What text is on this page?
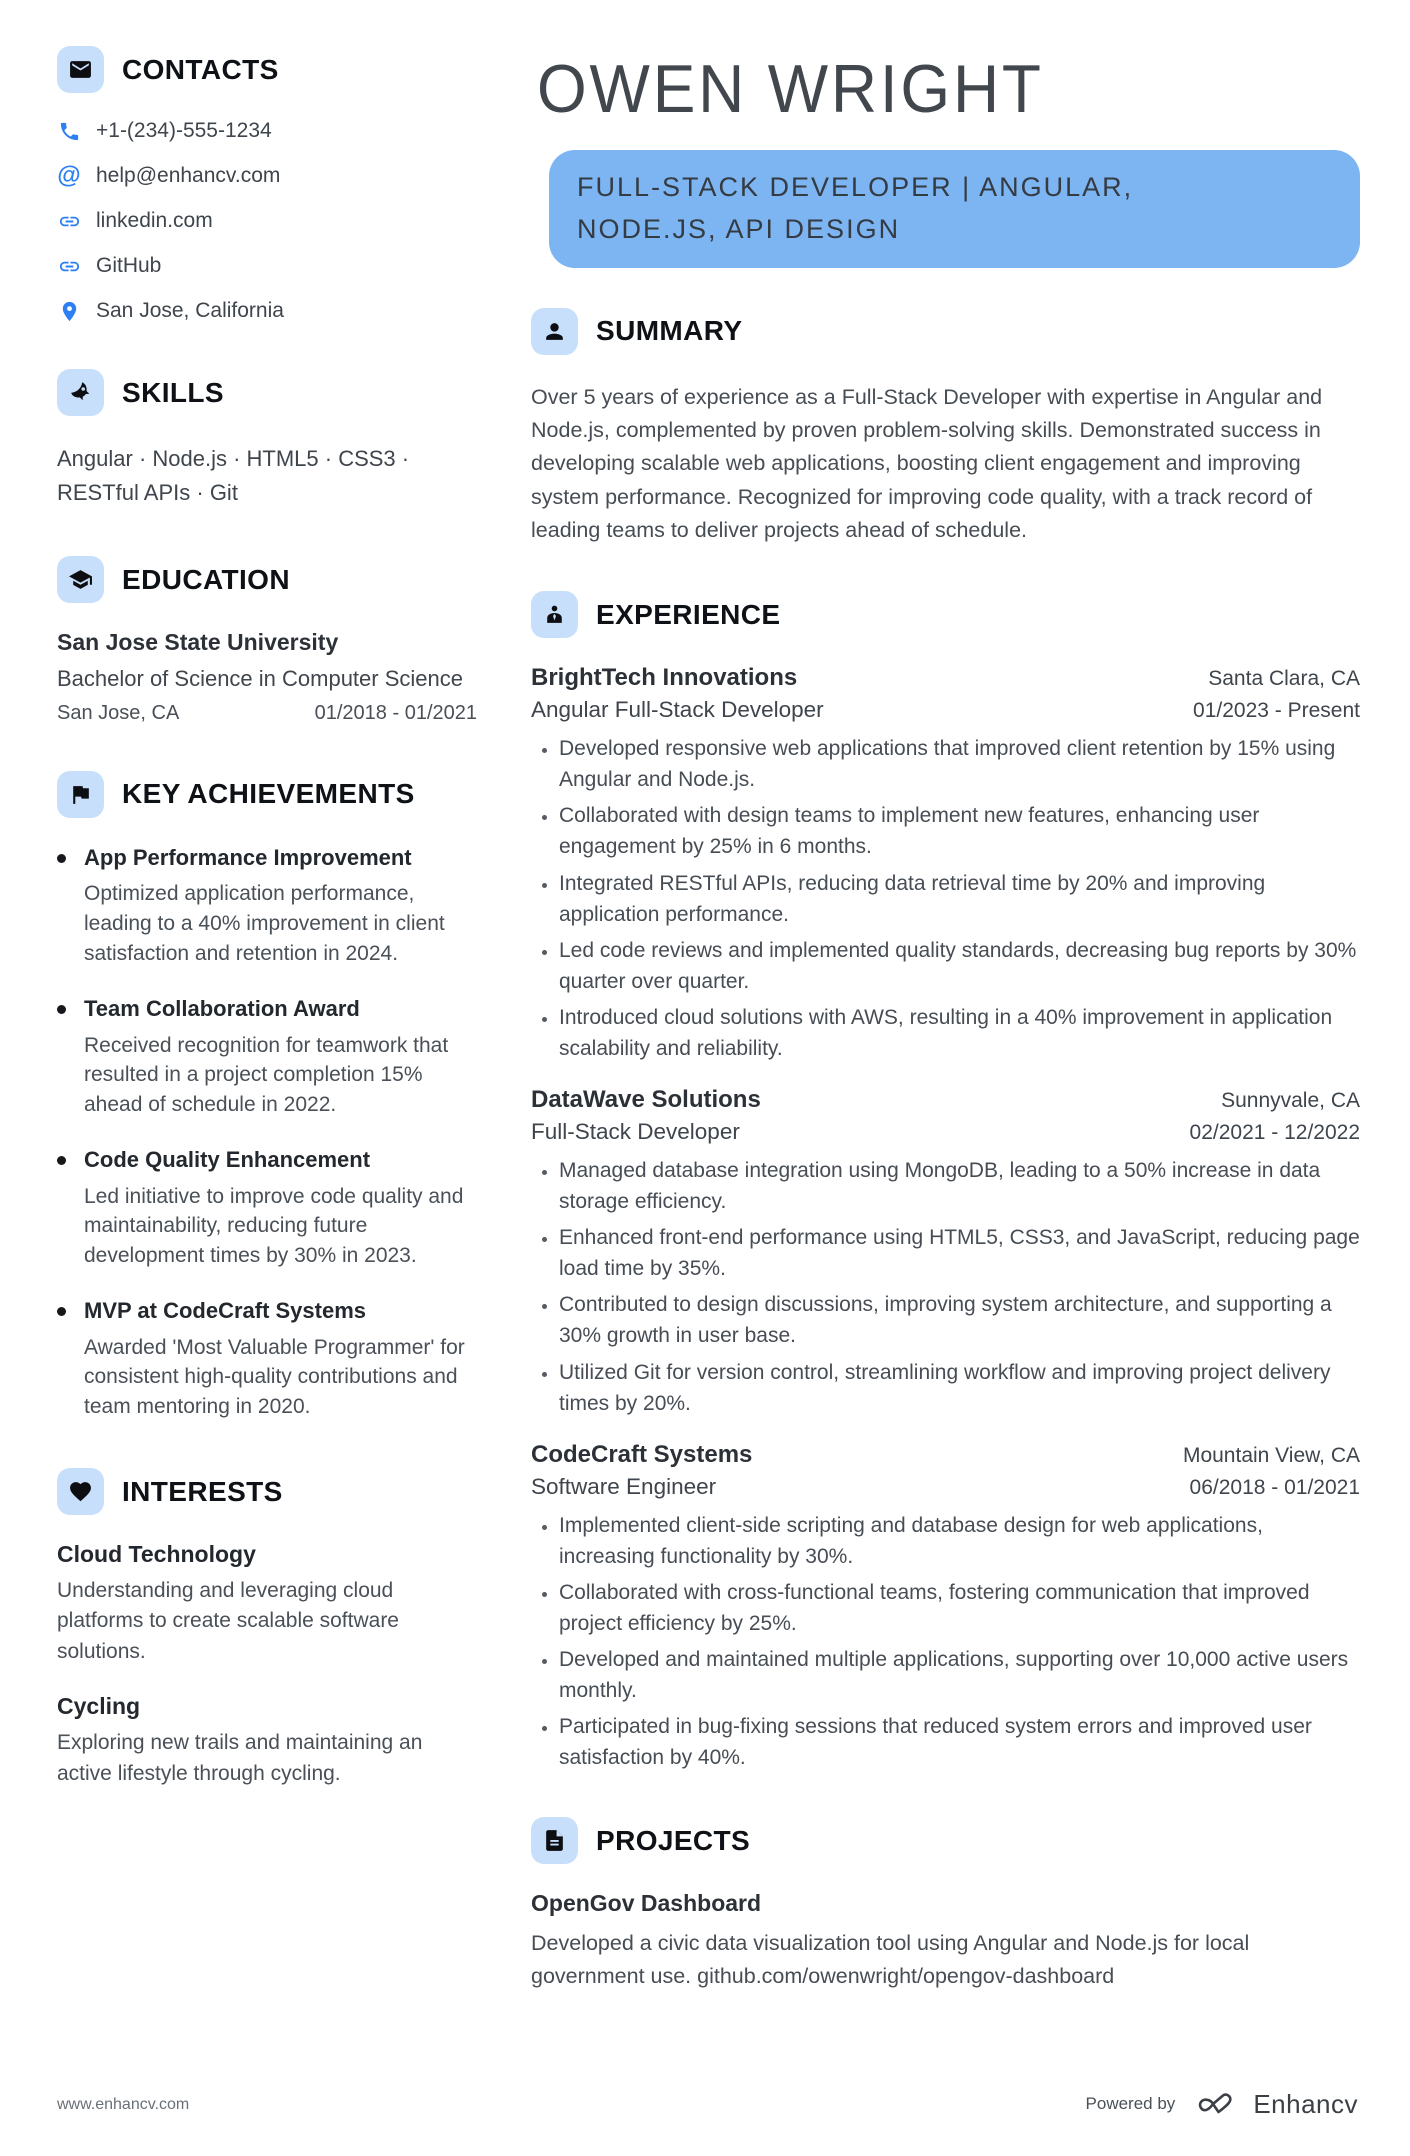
CONTACTS
+1-(234)-555-1234
@ help@enhancv.com
linkedin.com
GitHub
San Jose, California
SKILLS
Angular · Node.js · HTML5 · CSS3 · RESTful APIs · Git
EDUCATION
San Jose State University
Bachelor of Science in Computer Science
San Jose, CA	01/2018 - 01/2021
KEY ACHIEVEMENTS
App Performance Improvement
Optimized application performance, leading to a 40% improvement in client satisfaction and retention in 2024.
Team Collaboration Award
Received recognition for teamwork that resulted in a project completion 15% ahead of schedule in 2022.
Code Quality Enhancement
Led initiative to improve code quality and maintainability, reducing future development times by 30% in 2023.
MVP at CodeCraft Systems
Awarded 'Most Valuable Programmer' for consistent high-quality contributions and team mentoring in 2020.
INTERESTS
Cloud Technology
Understanding and leveraging cloud platforms to create scalable software solutions.
Cycling
Exploring new trails and maintaining an active lifestyle through cycling.
OWEN WRIGHT
FULL-STACK DEVELOPER | ANGULAR,
NODE.JS, API DESIGN
SUMMARY

Over 5 years of experience as a Full-Stack Developer with expertise in Angular and Node.js, complemented by proven problem-solving skills. Demonstrated success in developing scalable web applications, boosting client engagement and improving system performance. Recognized for improving code quality, with a track record of leading teams to deliver projects ahead of schedule.

EXPERIENCE
BrightTech Innovations	Santa Clara, CA
Angular Full-Stack Developer	01/2023 - Present
• Developed responsive web applications that improved client retention by 15% using Angular and Node.js.
• Collaborated with design teams to implement new features, enhancing user engagement by 25% in 6 months.
• Integrated RESTful APIs, reducing data retrieval time by 20% and improving application performance.
• Led code reviews and implemented quality standards, decreasing bug reports by 30% quarter over quarter.
• Introduced cloud solutions with AWS, resulting in a 40% improvement in application scalability and reliability.
DataWave Solutions	Sunnyvale, CA
Full-Stack Developer	02/2021 - 12/2022
• Managed database integration using MongoDB, leading to a 50% increase in data storage efficiency.
• Enhanced front-end performance using HTML5, CSS3, and JavaScript, reducing page load time by 35%.
• Contributed to design discussions, improving system architecture, and supporting a 30% growth in user base.
• Utilized Git for version control, streamlining workflow and improving project delivery times by 20%.
CodeCraft Systems	Mountain View, CA
Software Engineer	06/2018 - 01/2021
• Implemented client-side scripting and database design for web applications, increasing functionality by 30%.
• Collaborated with cross-functional teams, fostering communication that improved project efficiency by 25%.
• Developed and maintained multiple applications, supporting over 10,000 active users monthly.
• Participated in bug-fixing sessions that reduced system errors and improved user satisfaction by 40%.
PROJECTS
OpenGov Dashboard

Developed a civic data visualization tool using Angular and Node.js for local government use. github.com/owenwright/opengov-dashboard

www.enhancv.com	Powered by	Enhancv
